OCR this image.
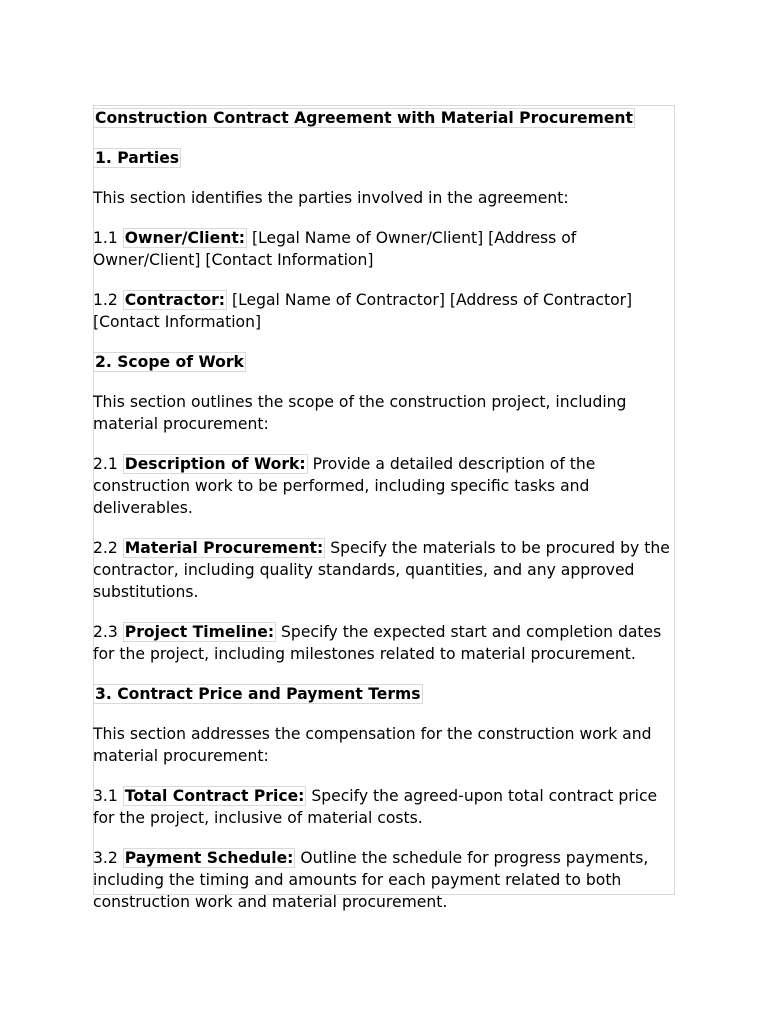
Construction Contract Agreement with Material Procurement

1. Parties

This section identifies the parties involved in the agreement:

1.1 Owner/Client: [Legal Name of Owner/Client] [Address of Owner/Client] [Contact Information]

1.2 Contractor: [Legal Name of Contractor] [Address of Contractor] [Contact Information]

2. Scope of Work

This section outlines the scope of the construction project, including material procurement:

2.1 Description of Work: Provide a detailed description of the construction work to be performed, including specific tasks and deliverables.

2.2 Material Procurement: Specify the materials to be procured by the contractor, including quality standards, quantities, and any approved substitutions.

2.3 Project Timeline: Specify the expected start and completion dates for the project, including milestones related to material procurement.

3. Contract Price and Payment Terms

This section addresses the compensation for the construction work and material procurement:

3.1 Total Contract Price: Specify the agreed-upon total contract price for the project, inclusive of material costs.

3.2 Payment Schedule: Outline the schedule for progress payments, including the timing and amounts for each payment related to both construction work and material procurement.
